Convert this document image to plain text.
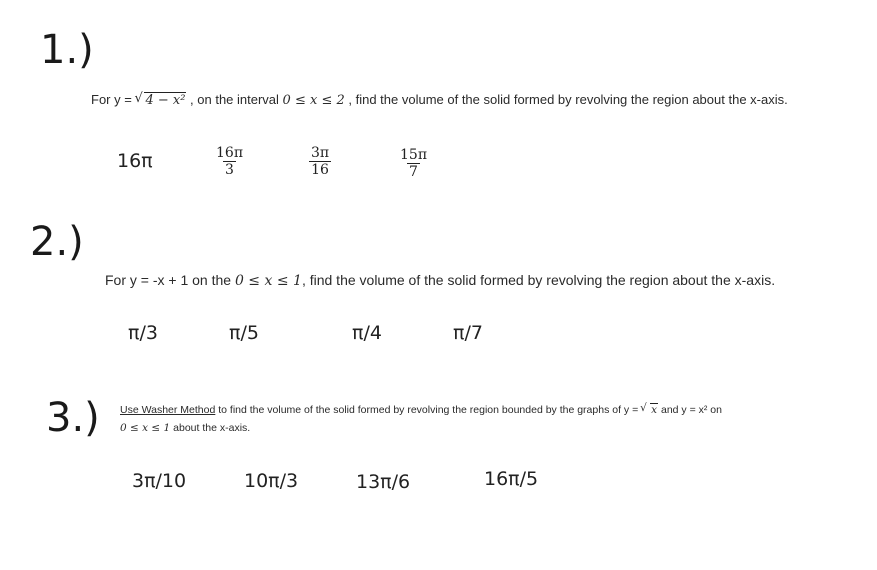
1.)
For y = √ 4 − x² , on the interval 0 ≤ x ≤ 2 , find the volume of the solid formed by revolving the region about the x-axis.
16π	$\frac{16\pi}{3}$	$\frac{3\pi}{16}$	$\frac{15\pi}{7}$
2.)
For y = -x + 1 on the 0 ≤ x ≤ 1, find the volume of the solid formed by revolving the region about the x-axis.
π/3	π/5	π/4	π/7
3.) Use Washer Method to find the volume of the solid formed by revolving the region bounded by the graphs of y = √ x and y = x² on
0 ≤ x ≤ 1 about the x-axis.
3π/10	10π/3	13π/6	16π/5
